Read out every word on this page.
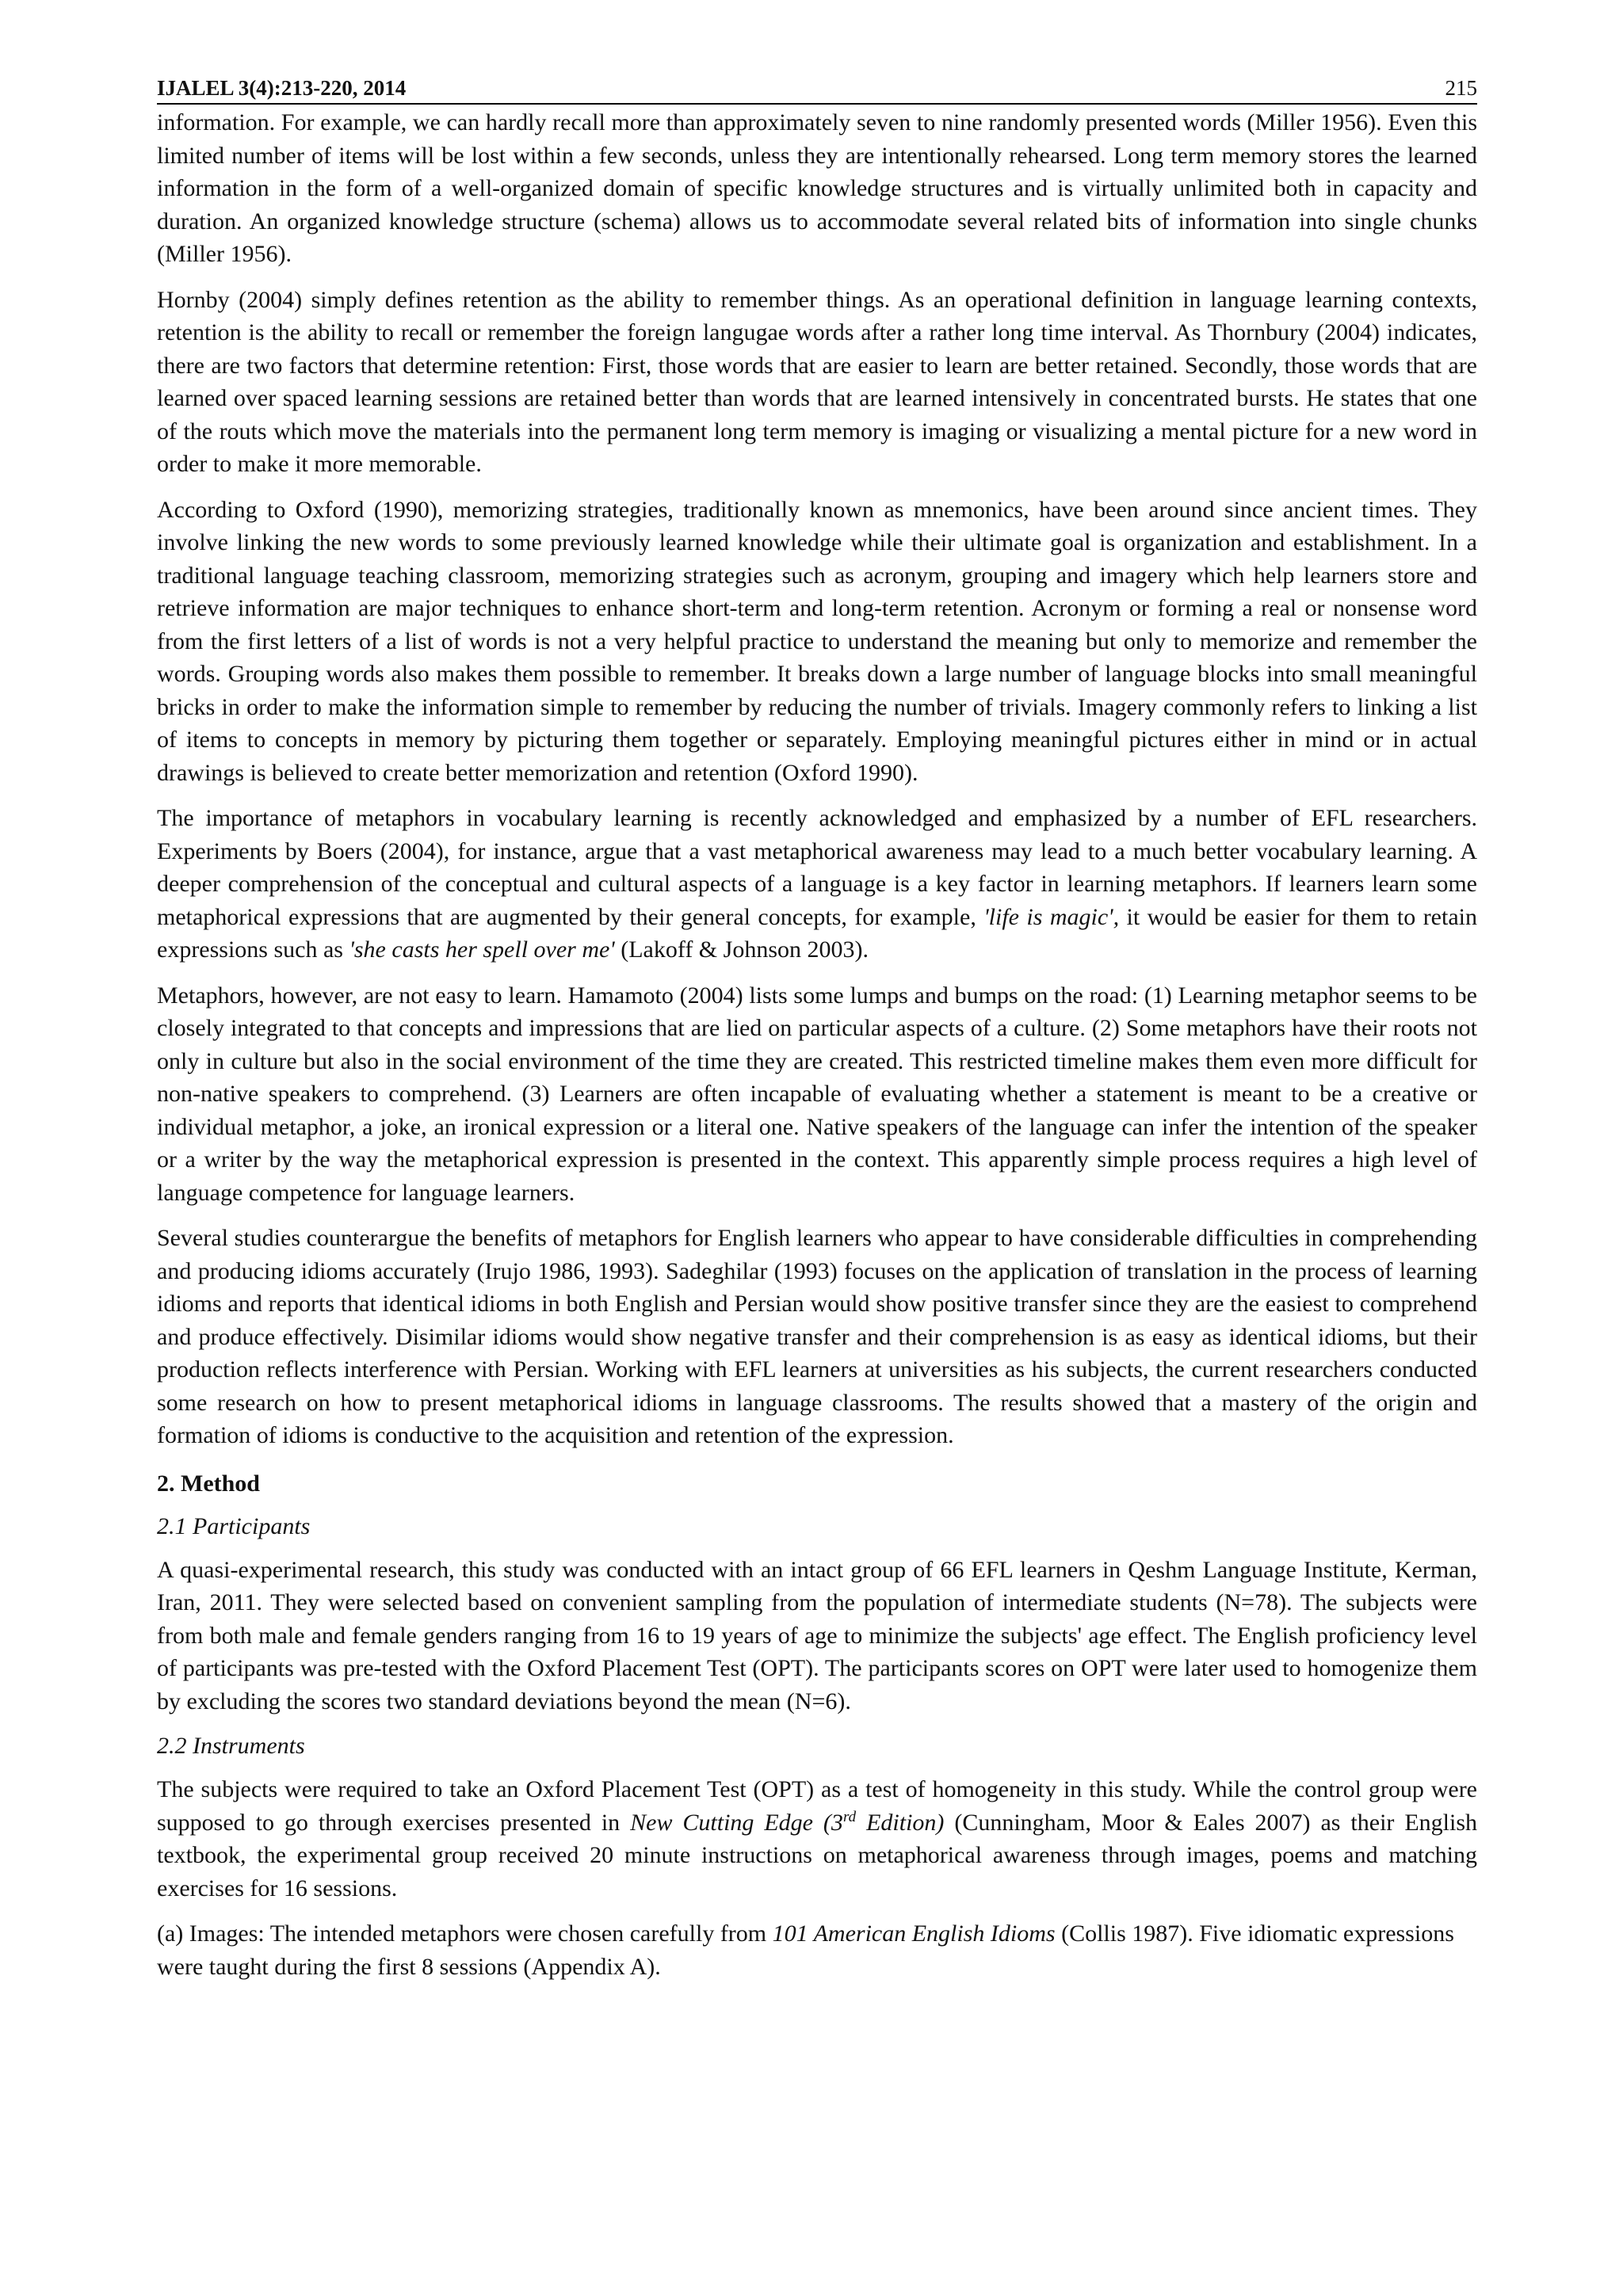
IJALEL 3(4):213-220, 2014	215

information. For example, we can hardly recall more than approximately seven to nine randomly presented words (Miller 1956). Even this limited number of items will be lost within a few seconds, unless they are intentionally rehearsed. Long term memory stores the learned information in the form of a well-organized domain of specific knowledge structures and is virtually unlimited both in capacity and duration. An organized knowledge structure (schema) allows us to accommodate several related bits of information into single chunks (Miller 1956).

Hornby (2004) simply defines retention as the ability to remember things. As an operational definition in language learning contexts, retention is the ability to recall or remember the foreign langugae words after a rather long time interval. As Thornbury (2004) indicates, there are two factors that determine retention: First, those words that are easier to learn are better retained. Secondly, those words that are learned over spaced learning sessions are retained better than words that are learned intensively in concentrated bursts. He states that one of the routs which move the materials into the permanent long term memory is imaging or visualizing a mental picture for a new word in order to make it more memorable.

According to Oxford (1990), memorizing strategies, traditionally known as mnemonics, have been around since ancient times. They involve linking the new words to some previously learned knowledge while their ultimate goal is organization and establishment. In a traditional language teaching classroom, memorizing strategies such as acronym, grouping and imagery which help learners store and retrieve information are major techniques to enhance short-term and long-term retention. Acronym or forming a real or nonsense word from the first letters of a list of words is not a very helpful practice to understand the meaning but only to memorize and remember the words. Grouping words also makes them possible to remember. It breaks down a large number of language blocks into small meaningful bricks in order to make the information simple to remember by reducing the number of trivials. Imagery commonly refers to linking a list of items to concepts in memory by picturing them together or separately. Employing meaningful pictures either in mind or in actual drawings is believed to create better memorization and retention (Oxford 1990).

The importance of metaphors in vocabulary learning is recently acknowledged and emphasized by a number of EFL researchers. Experiments by Boers (2004), for instance, argue that a vast metaphorical awareness may lead to a much better vocabulary learning. A deeper comprehension of the conceptual and cultural aspects of a language is a key factor in learning metaphors. If learners learn some metaphorical expressions that are augmented by their general concepts, for example, 'life is magic', it would be easier for them to retain expressions such as 'she casts her spell over me' (Lakoff & Johnson 2003).

Metaphors, however, are not easy to learn. Hamamoto (2004) lists some lumps and bumps on the road: (1) Learning metaphor seems to be closely integrated to that concepts and impressions that are lied on particular aspects of a culture. (2) Some metaphors have their roots not only in culture but also in the social environment of the time they are created. This restricted timeline makes them even more difficult for non-native speakers to comprehend. (3) Learners are often incapable of evaluating whether a statement is meant to be a creative or individual metaphor, a joke, an ironical expression or a literal one. Native speakers of the language can infer the intention of the speaker or a writer by the way the metaphorical expression is presented in the context. This apparently simple process requires a high level of language competence for language learners.

Several studies counterargue the benefits of metaphors for English learners who appear to have considerable difficulties in comprehending and producing idioms accurately (Irujo 1986, 1993). Sadeghilar (1993) focuses on the application of translation in the process of learning idioms and reports that identical idioms in both English and Persian would show positive transfer since they are the easiest to comprehend and produce effectively. Disimilar idioms would show negative transfer and their comprehension is as easy as identical idioms, but their production reflects interference with Persian. Working with EFL learners at universities as his subjects, the current researchers conducted some research on how to present metaphorical idioms in language classrooms. The results showed that a mastery of the origin and formation of idioms is conductive to the acquisition and retention of the expression.

2. Method
2.1 Participants

A quasi-experimental research, this study was conducted with an intact group of 66 EFL learners in Qeshm Language Institute, Kerman, Iran, 2011. They were selected based on convenient sampling from the population of intermediate students (N=78). The subjects were from both male and female genders ranging from 16 to 19 years of age to minimize the subjects' age effect. The English proficiency level of participants was pre-tested with the Oxford Placement Test (OPT). The participants scores on OPT were later used to homogenize them by excluding the scores two standard deviations beyond the mean (N=6).

2.2 Instruments

The subjects were required to take an Oxford Placement Test (OPT) as a test of homogeneity in this study. While the control group were supposed to go through exercises presented in New Cutting Edge (3rd Edition) (Cunningham, Moor & Eales 2007) as their English textbook, the experimental group received 20 minute instructions on metaphorical awareness through images, poems and matching exercises for 16 sessions.

(a) Images: The intended metaphors were chosen carefully from 101 American English Idioms (Collis 1987). Five idiomatic expressions were taught during the first 8 sessions (Appendix A).
